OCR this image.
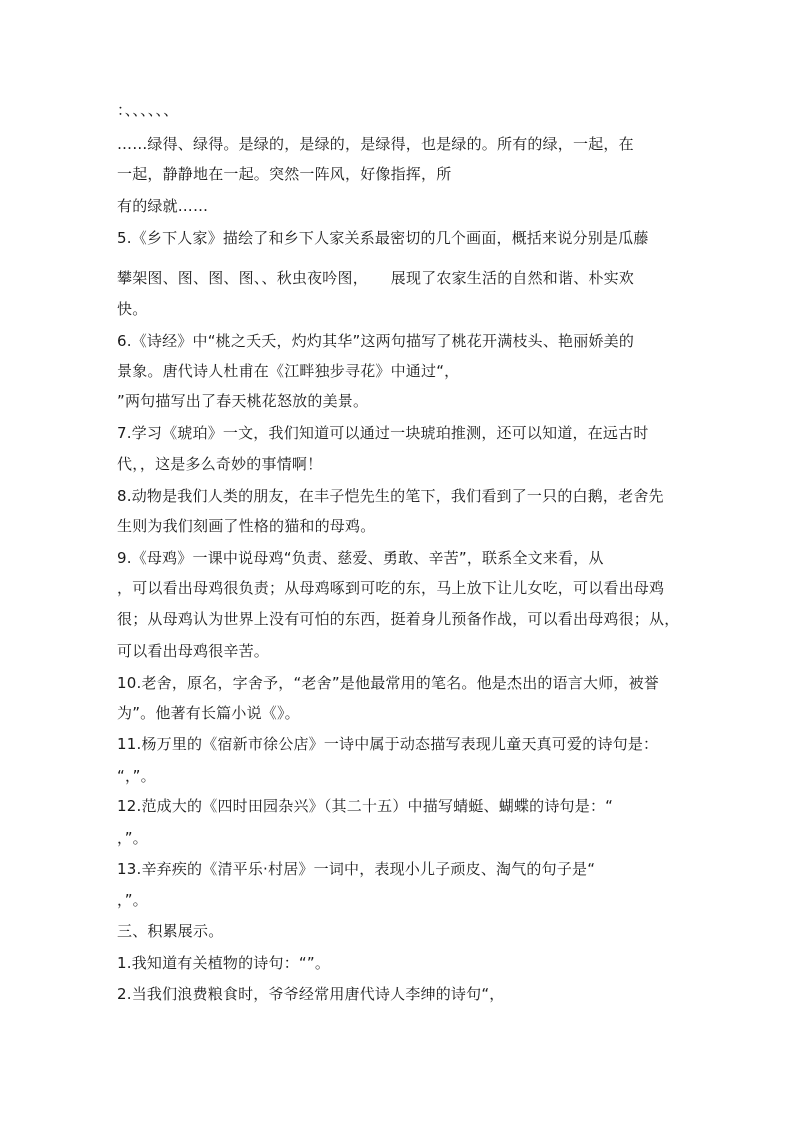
：、、、、、、
……绿得、绿得。是绿的，是绿的，是绿得，也是绿的。所有的绿，一起，在
一起，静静地在一起。突然一阵风，好像指挥，所
有的绿就……
5.《乡下人家》描绘了和乡下人家关系最密切的几个画面，概括来说分别是瓜藤
攀架图、图、图、图、、秋虫夜吟图，　　展现了农家生活的自然和谐、朴实欢
快。
6.《诗经》中“桃之夭夭，灼灼其华”这两句描写了桃花开满枝头、艳丽娇美的
景象。唐代诗人杜甫在《江畔独步寻花》中通过“，
”两句描写出了春天桃花怒放的美景。
7.学习《琥珀》一文，我们知道可以通过一块琥珀推测，还可以知道，在远古时
代，，这是多么奇妙的事情啊！
8.动物是我们人类的朋友，在丰子恺先生的笔下，我们看到了一只的白鹅，老舍先
生则为我们刻画了性格的猫和的母鸡。
9.《母鸡》一课中说母鸡“负责、慈爱、勇敢、辛苦”，联系全文来看，从
，可以看出母鸡很负责；从母鸡啄到可吃的东，马上放下让儿女吃，可以看出母鸡
很；从母鸡认为世界上没有可怕的东西，挺着身儿预备作战，可以看出母鸡很；从，
可以看出母鸡很辛苦。
10.老舍，原名，字舍予，“老舍”是他最常用的笔名。他是杰出的语言大师，被誉
为”。他著有长篇小说《》。
11.杨万里的《宿新市徐公店》一诗中属于动态描写表现儿童天真可爱的诗句是：
“，”。
12.范成大的《四时田园杂兴》（其二十五）中描写蜻蜓、蝴蝶的诗句是：“
，”。
13.辛弃疾的《清平乐·村居》一词中，表现小儿子顽皮、淘气的句子是“
，”。
三、积累展示。
1.我知道有关植物的诗句：“”。
2.当我们浪费粮食时，爷爷经常用唐代诗人李绅的诗句“，
